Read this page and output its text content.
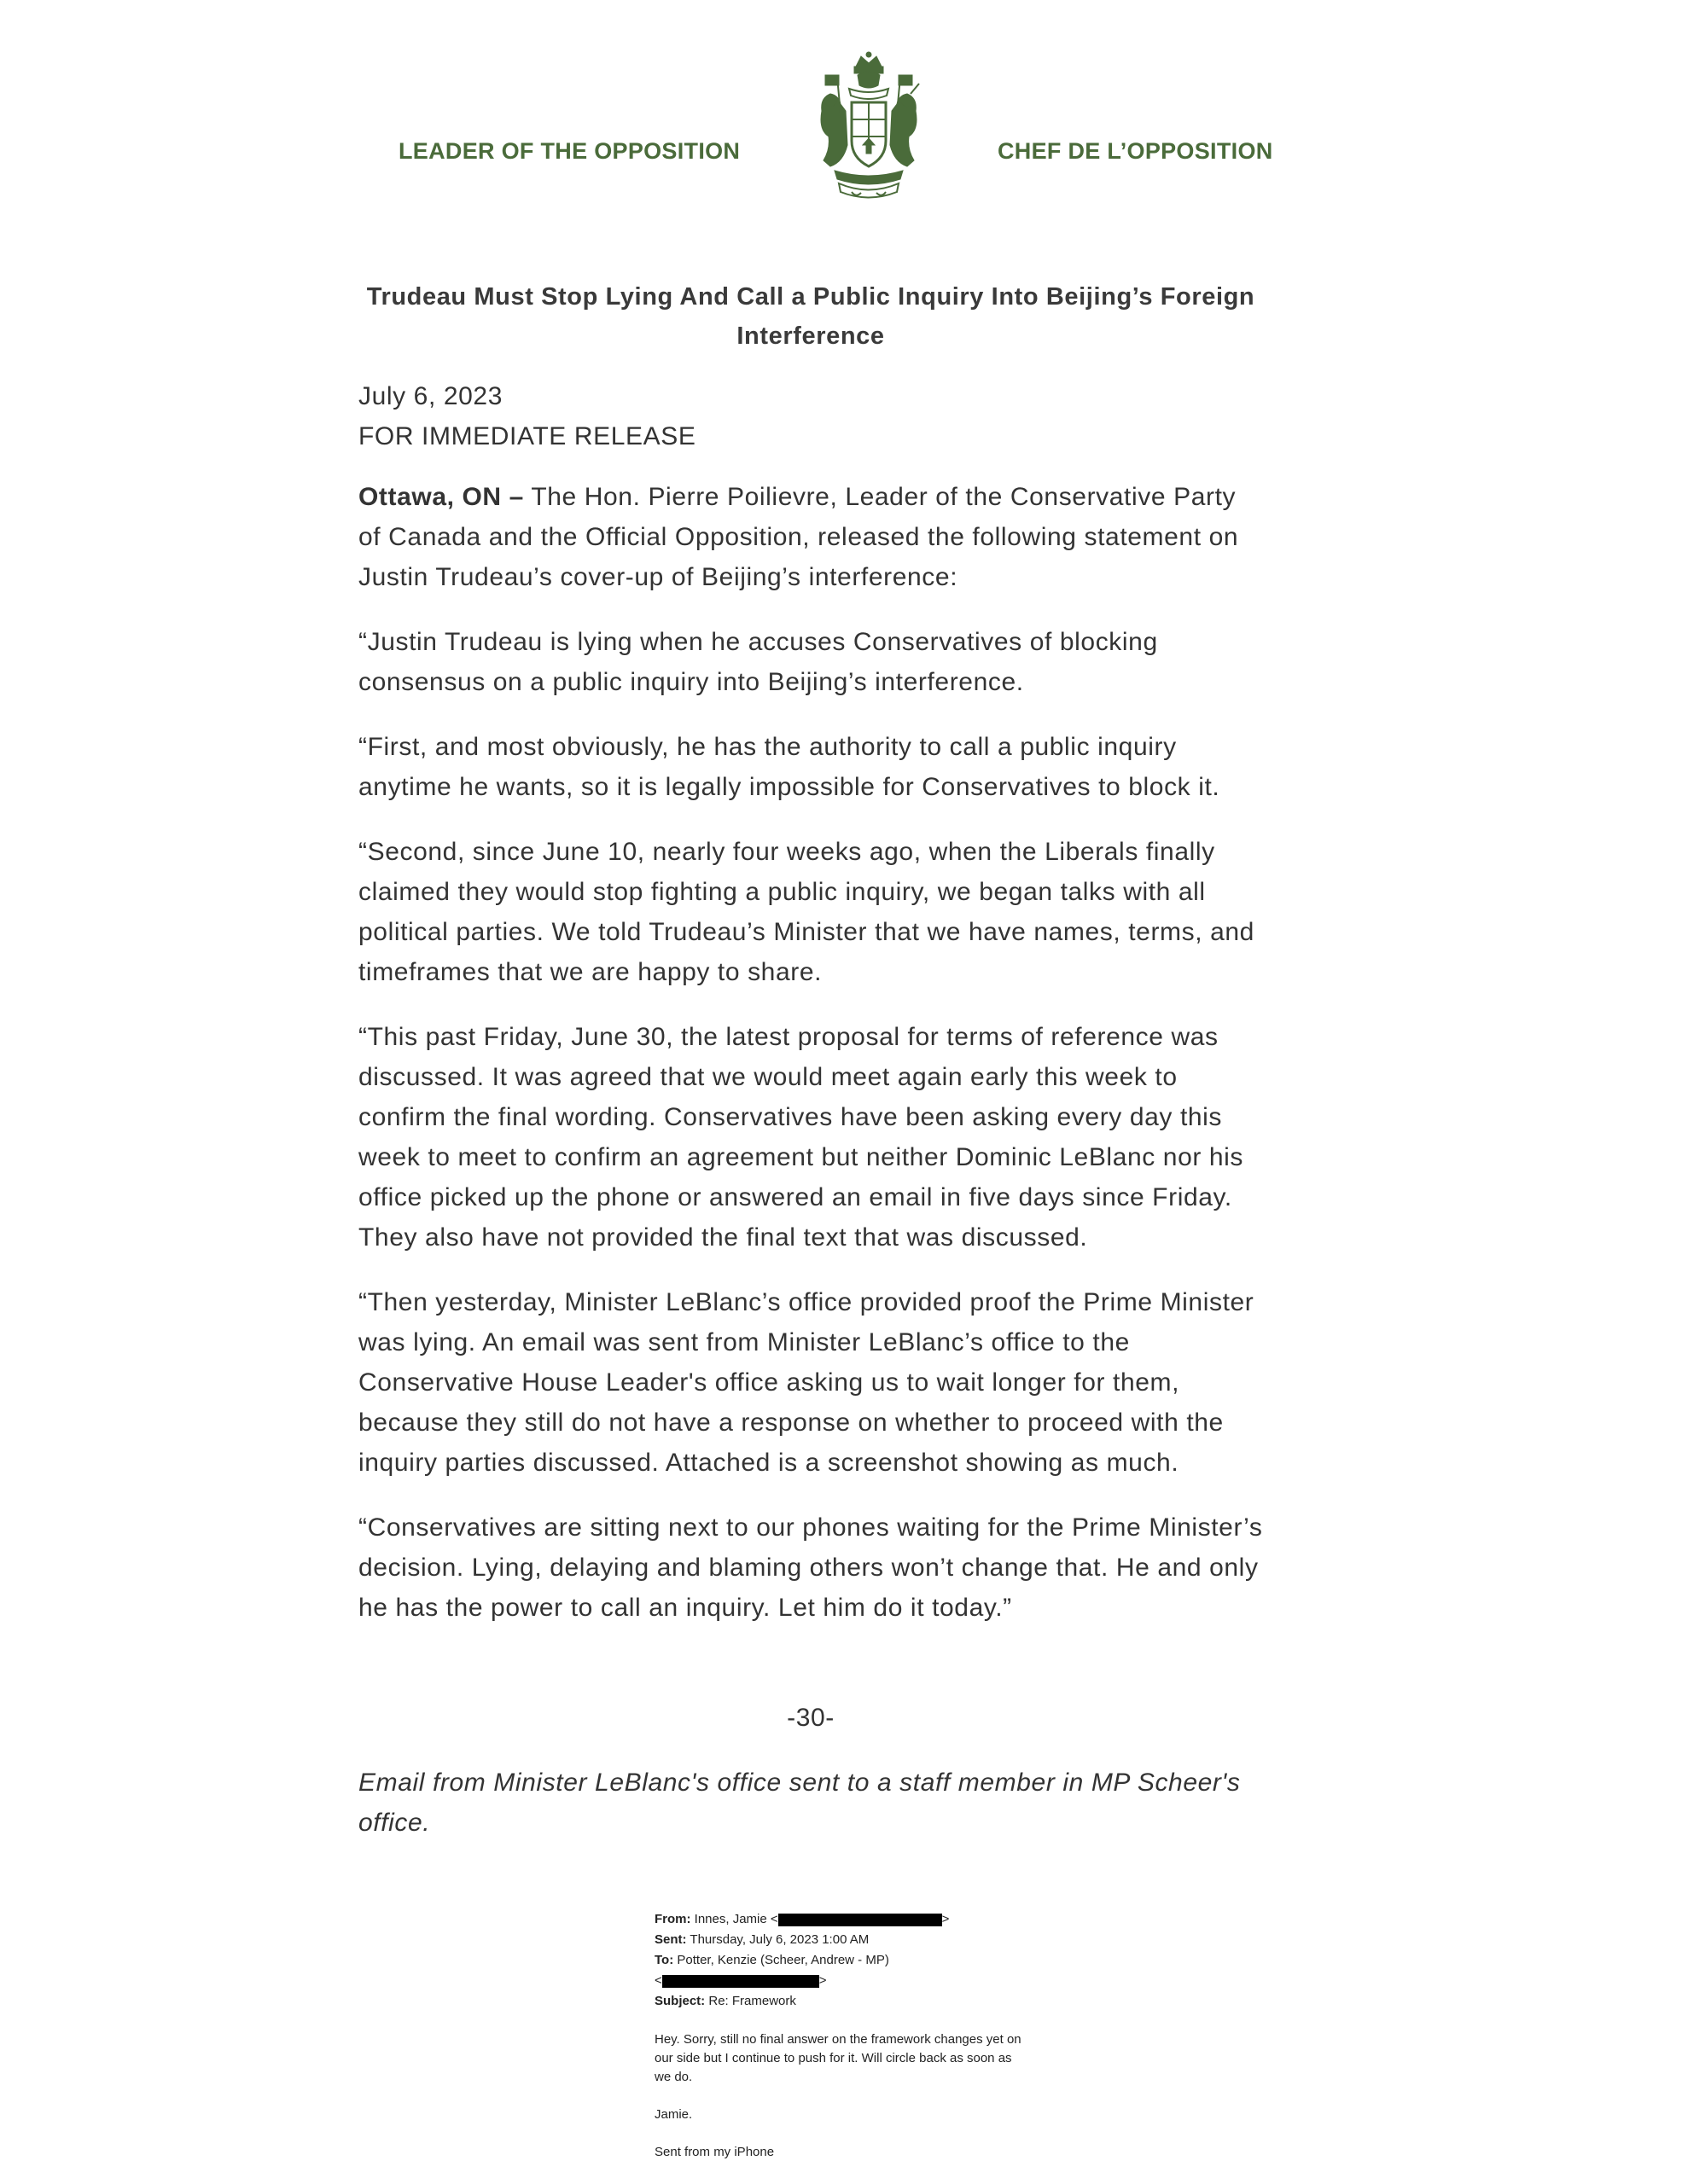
LEADER OF THE OPPOSITION	CHEF DE L’OPPOSITION
Trudeau Must Stop Lying And Call a Public Inquiry Into Beijing’s Foreign Interference
July 6, 2023
FOR IMMEDIATE RELEASE

Ottawa, ON – The Hon. Pierre Poilievre, Leader of the Conservative Party of Canada and the Official Opposition, released the following statement on Justin Trudeau’s cover-up of Beijing’s interference:

“Justin Trudeau is lying when he accuses Conservatives of blocking consensus on a public inquiry into Beijing’s interference.

“First, and most obviously, he has the authority to call a public inquiry anytime he wants, so it is legally impossible for Conservatives to block it.

“Second, since June 10, nearly four weeks ago, when the Liberals finally claimed they would stop fighting a public inquiry, we began talks with all political parties. We told Trudeau’s Minister that we have names, terms, and timeframes that we are happy to share.

“This past Friday, June 30, the latest proposal for terms of reference was discussed. It was agreed that we would meet again early this week to confirm the final wording. Conservatives have been asking every day this week to meet to confirm an agreement but neither Dominic LeBlanc nor his office picked up the phone or answered an email in five days since Friday. They also have not provided the final text that was discussed.

“Then yesterday, Minister LeBlanc’s office provided proof the Prime Minister was lying. An email was sent from Minister LeBlanc’s office to the Conservative House Leader's office asking us to wait longer for them, because they still do not have a response on whether to proceed with the inquiry parties discussed. Attached is a screenshot showing as much.

“Conservatives are sitting next to our phones waiting for the Prime Minister’s decision. Lying, delaying and blaming others won’t change that. He and only he has the power to call an inquiry. Let him do it today.”

-30-

Email from Minister LeBlanc's office sent to a staff member in MP Scheer's office.

From: Innes, Jamie <	>
Sent: Thursday, July 6, 2023 1:00 AM
To: Potter, Kenzie (Scheer, Andrew - MP)
<	>
Subject: Re: Framework

Hey. Sorry, still no final answer on the framework changes yet on our side but I continue to push for it. Will circle back as soon as we do.

Jamie.

Sent from my iPhone
